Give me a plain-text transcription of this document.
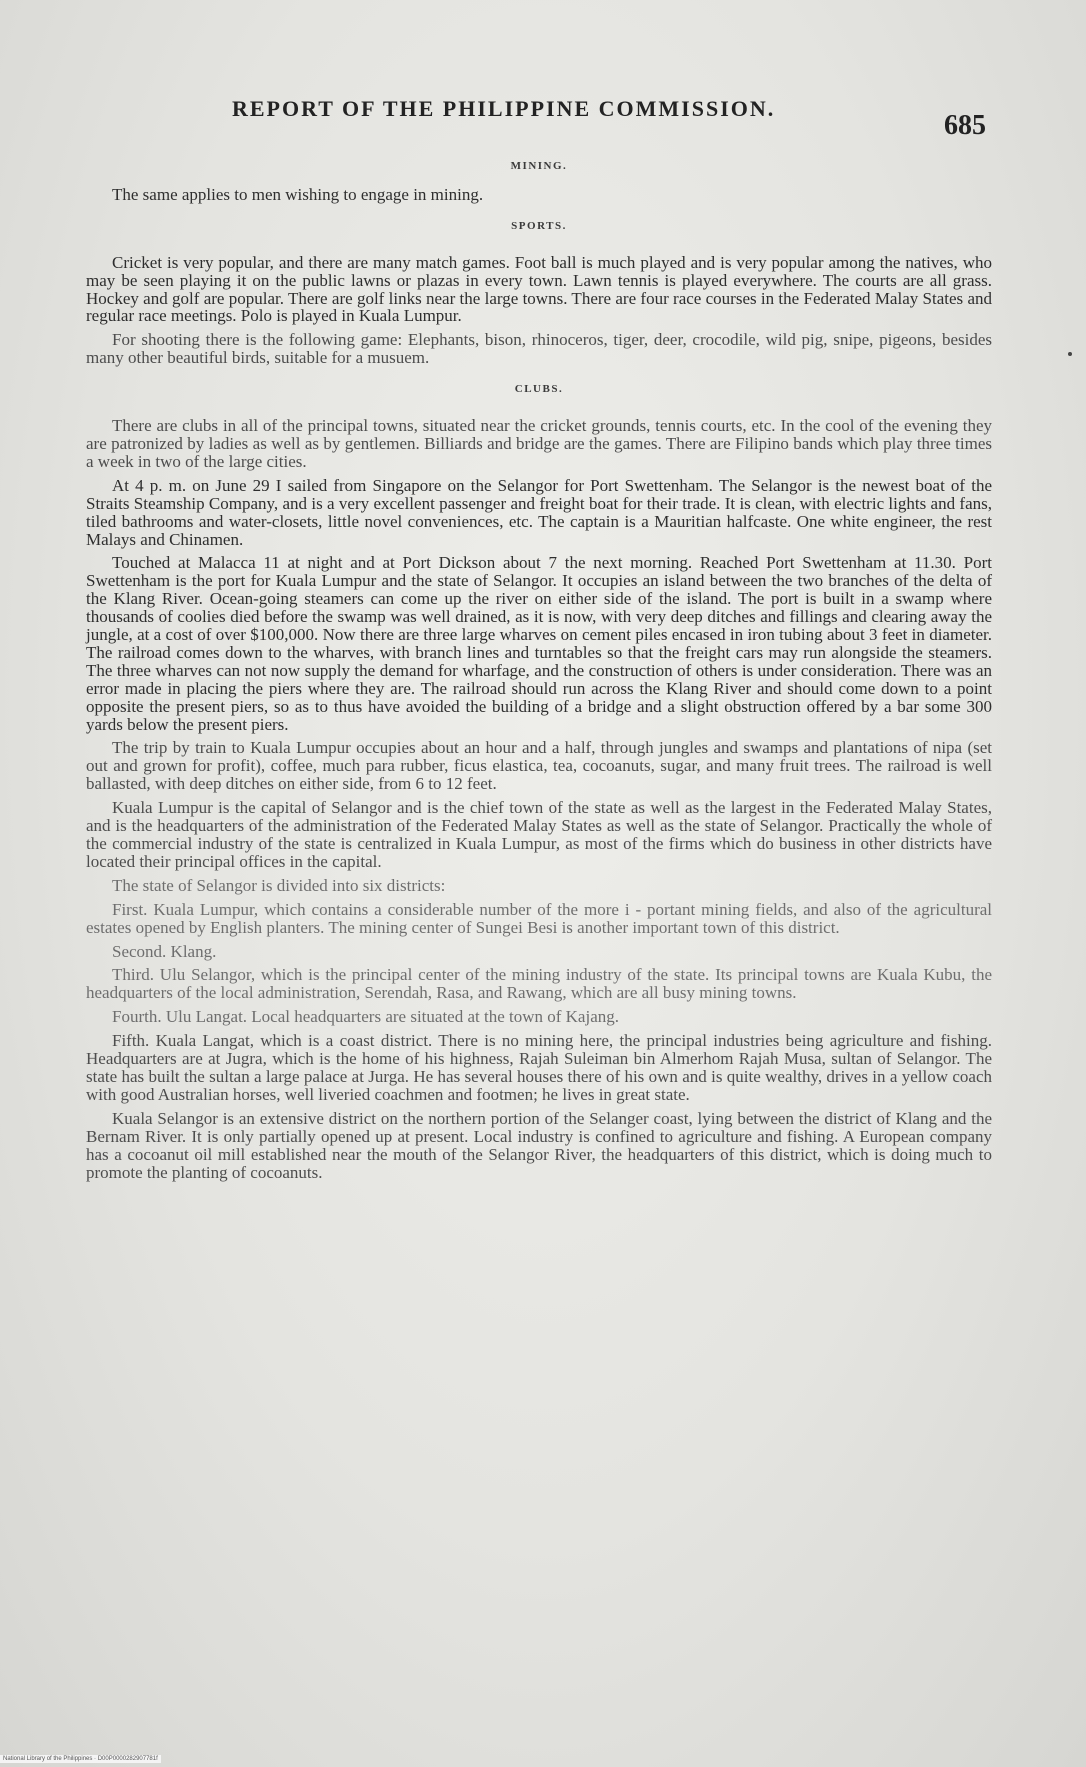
REPORT OF THE PHILIPPINE COMMISSION.
685
MINING.

The same applies to men wishing to engage in mining.

SPORTS.

Cricket is very popular, and there are many match games. Foot ball is much played and is very popular among the natives, who may be seen playing it on the public lawns or plazas in every town. Lawn tennis is played everywhere. The courts are all grass. Hockey and golf are popular. There are golf links near the large towns. There are four race courses in the Federated Malay States and regular race meetings. Polo is played in Kuala Lumpur.

For shooting there is the following game: Elephants, bison, rhinoceros, tiger, deer, crocodile, wild pig, snipe, pigeons, besides many other beautiful birds, suitable for a musuem.

CLUBS.

There are clubs in all of the principal towns, situated near the cricket grounds, tennis courts, etc. In the cool of the evening they are patronized by ladies as well as by gentlemen. Billiards and bridge are the games. There are Filipino bands which play three times a week in two of the large cities.

At 4 p. m. on June 29 I sailed from Singapore on the Selangor for Port Swettenham. The Selangor is the newest boat of the Straits Steamship Company, and is a very excellent passenger and freight boat for their trade. It is clean, with electric lights and fans, tiled bathrooms and water-closets, little novel conveniences, etc. The captain is a Mauritian halfcaste. One white engineer, the rest Malays and Chinamen.

Touched at Malacca 11 at night and at Port Dickson about 7 the next morning. Reached Port Swettenham at 11.30. Port Swettenham is the port for Kuala Lumpur and the state of Selangor. It occupies an island between the two branches of the delta of the Klang River. Ocean-going steamers can come up the river on either side of the island. The port is built in a swamp where thousands of coolies died before the swamp was well drained, as it is now, with very deep ditches and fillings and clearing away the jungle, at a cost of over $100,000. Now there are three large wharves on cement piles encased in iron tubing about 3 feet in diameter. The railroad comes down to the wharves, with branch lines and turntables so that the freight cars may run alongside the steamers. The three wharves can not now supply the demand for wharfage, and the construction of others is under consideration. There was an error made in placing the piers where they are. The railroad should run across the Klang River and should come down to a point opposite the present piers, so as to thus have avoided the building of a bridge and a slight obstruction offered by a bar some 300 yards below the present piers.

The trip by train to Kuala Lumpur occupies about an hour and a half, through jungles and swamps and plantations of nipa (set out and grown for profit), coffee, much para rubber, ficus elastica, tea, cocoanuts, sugar, and many fruit trees. The railroad is well ballasted, with deep ditches on either side, from 6 to 12 feet.

Kuala Lumpur is the capital of Selangor and is the chief town of the state as well as the largest in the Federated Malay States, and is the headquarters of the administration of the Federated Malay States as well as the state of Selangor. Practically the whole of the commercial industry of the state is centralized in Kuala Lumpur, as most of the firms which do business in other districts have located their principal offices in the capital.

The state of Selangor is divided into six districts:

First. Kuala Lumpur, which contains a considerable number of the more i - portant mining fields, and also of the agricultural estates opened by English planters. The mining center of Sungei Besi is another important town of this district.

Second. Klang.

Third. Ulu Selangor, which is the principal center of the mining industry of the state. Its principal towns are Kuala Kubu, the headquarters of the local administration, Serendah, Rasa, and Rawang, which are all busy mining towns.

Fourth. Ulu Langat. Local headquarters are situated at the town of Kajang.

Fifth. Kuala Langat, which is a coast district. There is no mining here, the principal industries being agriculture and fishing. Headquarters are at Jugra, which is the home of his highness, Rajah Suleiman bin Almerhom Rajah Musa, sultan of Selangor. The state has built the sultan a large palace at Jurga. He has several houses there of his own and is quite wealthy, drives in a yellow coach with good Australian horses, well liveried coachmen and footmen; he lives in great state.

Kuala Selangor is an extensive district on the northern portion of the Selanger coast, lying between the district of Klang and the Bernam River. It is only partially opened up at present. Local industry is confined to agriculture and fishing. A European company has a cocoanut oil mill established near the mouth of the Selangor River, the headquarters of this district, which is doing much to promote the planting of cocoanuts.

National Library of the Philippines · D00P0000282907781f
